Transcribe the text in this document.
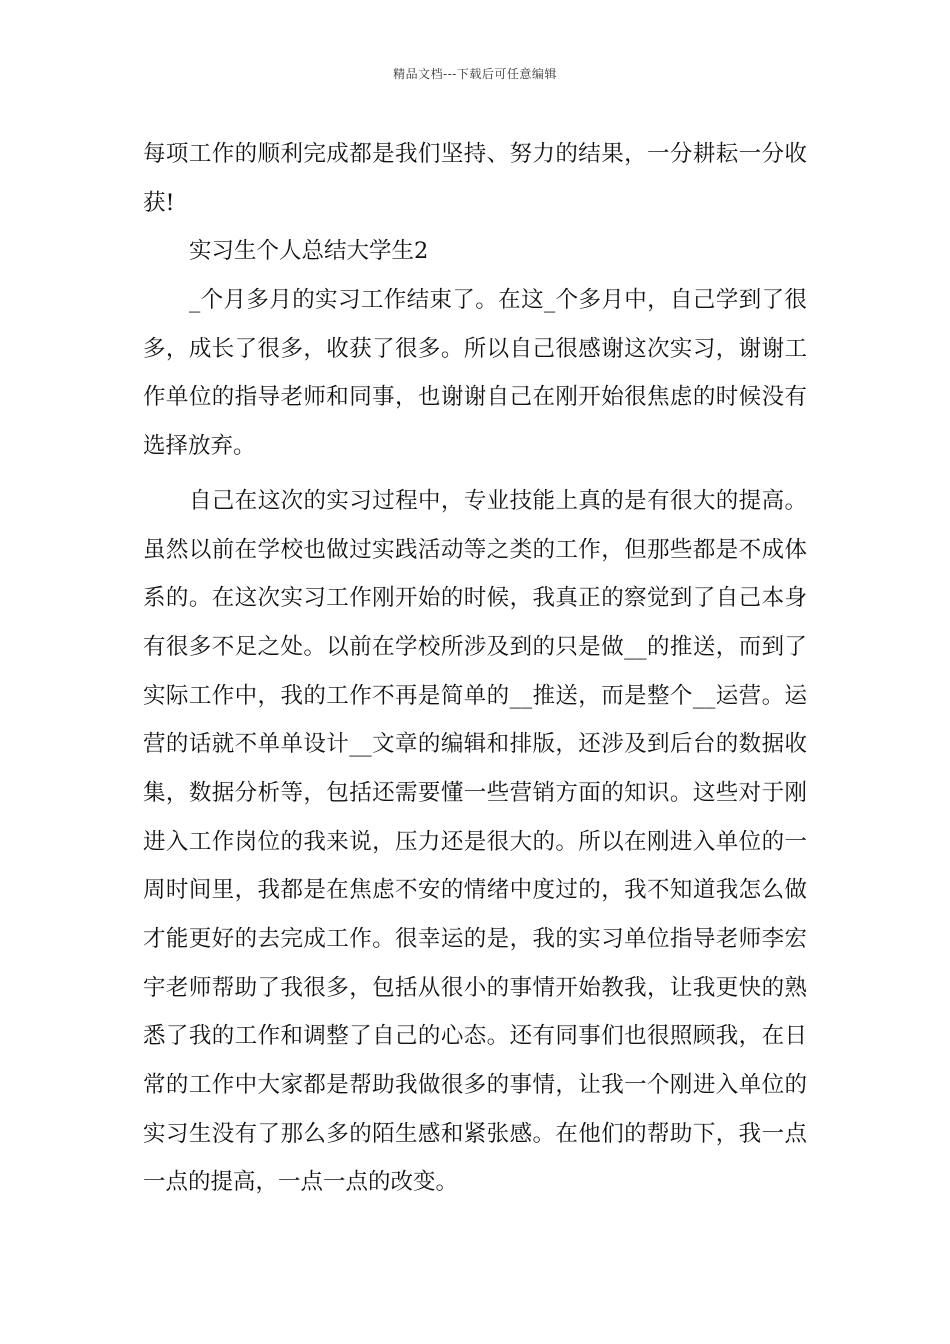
精品文档---下载后可任意编辑
每项工作的顺利完成都是我们坚持、努力的结果，一分耕耘一分收
获!
实习生个人总结大学生2
_个月多月的实习工作结束了。在这_个多月中，自己学到了很
多，成长了很多，收获了很多。所以自己很感谢这次实习，谢谢工
作单位的指导老师和同事，也谢谢自己在刚开始很焦虑的时候没有
选择放弃。
自己在这次的实习过程中，专业技能上真的是有很大的提高。
虽然以前在学校也做过实践活动等之类的工作，但那些都是不成体
系的。在这次实习工作刚开始的时候，我真正的察觉到了自己本身
有很多不足之处。以前在学校所涉及到的只是做__的推送，而到了
实际工作中，我的工作不再是简单的__推送，而是整个__运营。运
营的话就不单单设计__文章的编辑和排版，还涉及到后台的数据收
集，数据分析等，包括还需要懂一些营销方面的知识。这些对于刚
进入工作岗位的我来说，压力还是很大的。所以在刚进入单位的一
周时间里，我都是在焦虑不安的情绪中度过的，我不知道我怎么做
才能更好的去完成工作。很幸运的是，我的实习单位指导老师李宏
宇老师帮助了我很多，包括从很小的事情开始教我，让我更快的熟
悉了我的工作和调整了自己的心态。还有同事们也很照顾我，在日
常的工作中大家都是帮助我做很多的事情，让我一个刚进入单位的
实习生没有了那么多的陌生感和紧张感。在他们的帮助下，我一点
一点的提高，一点一点的改变。
